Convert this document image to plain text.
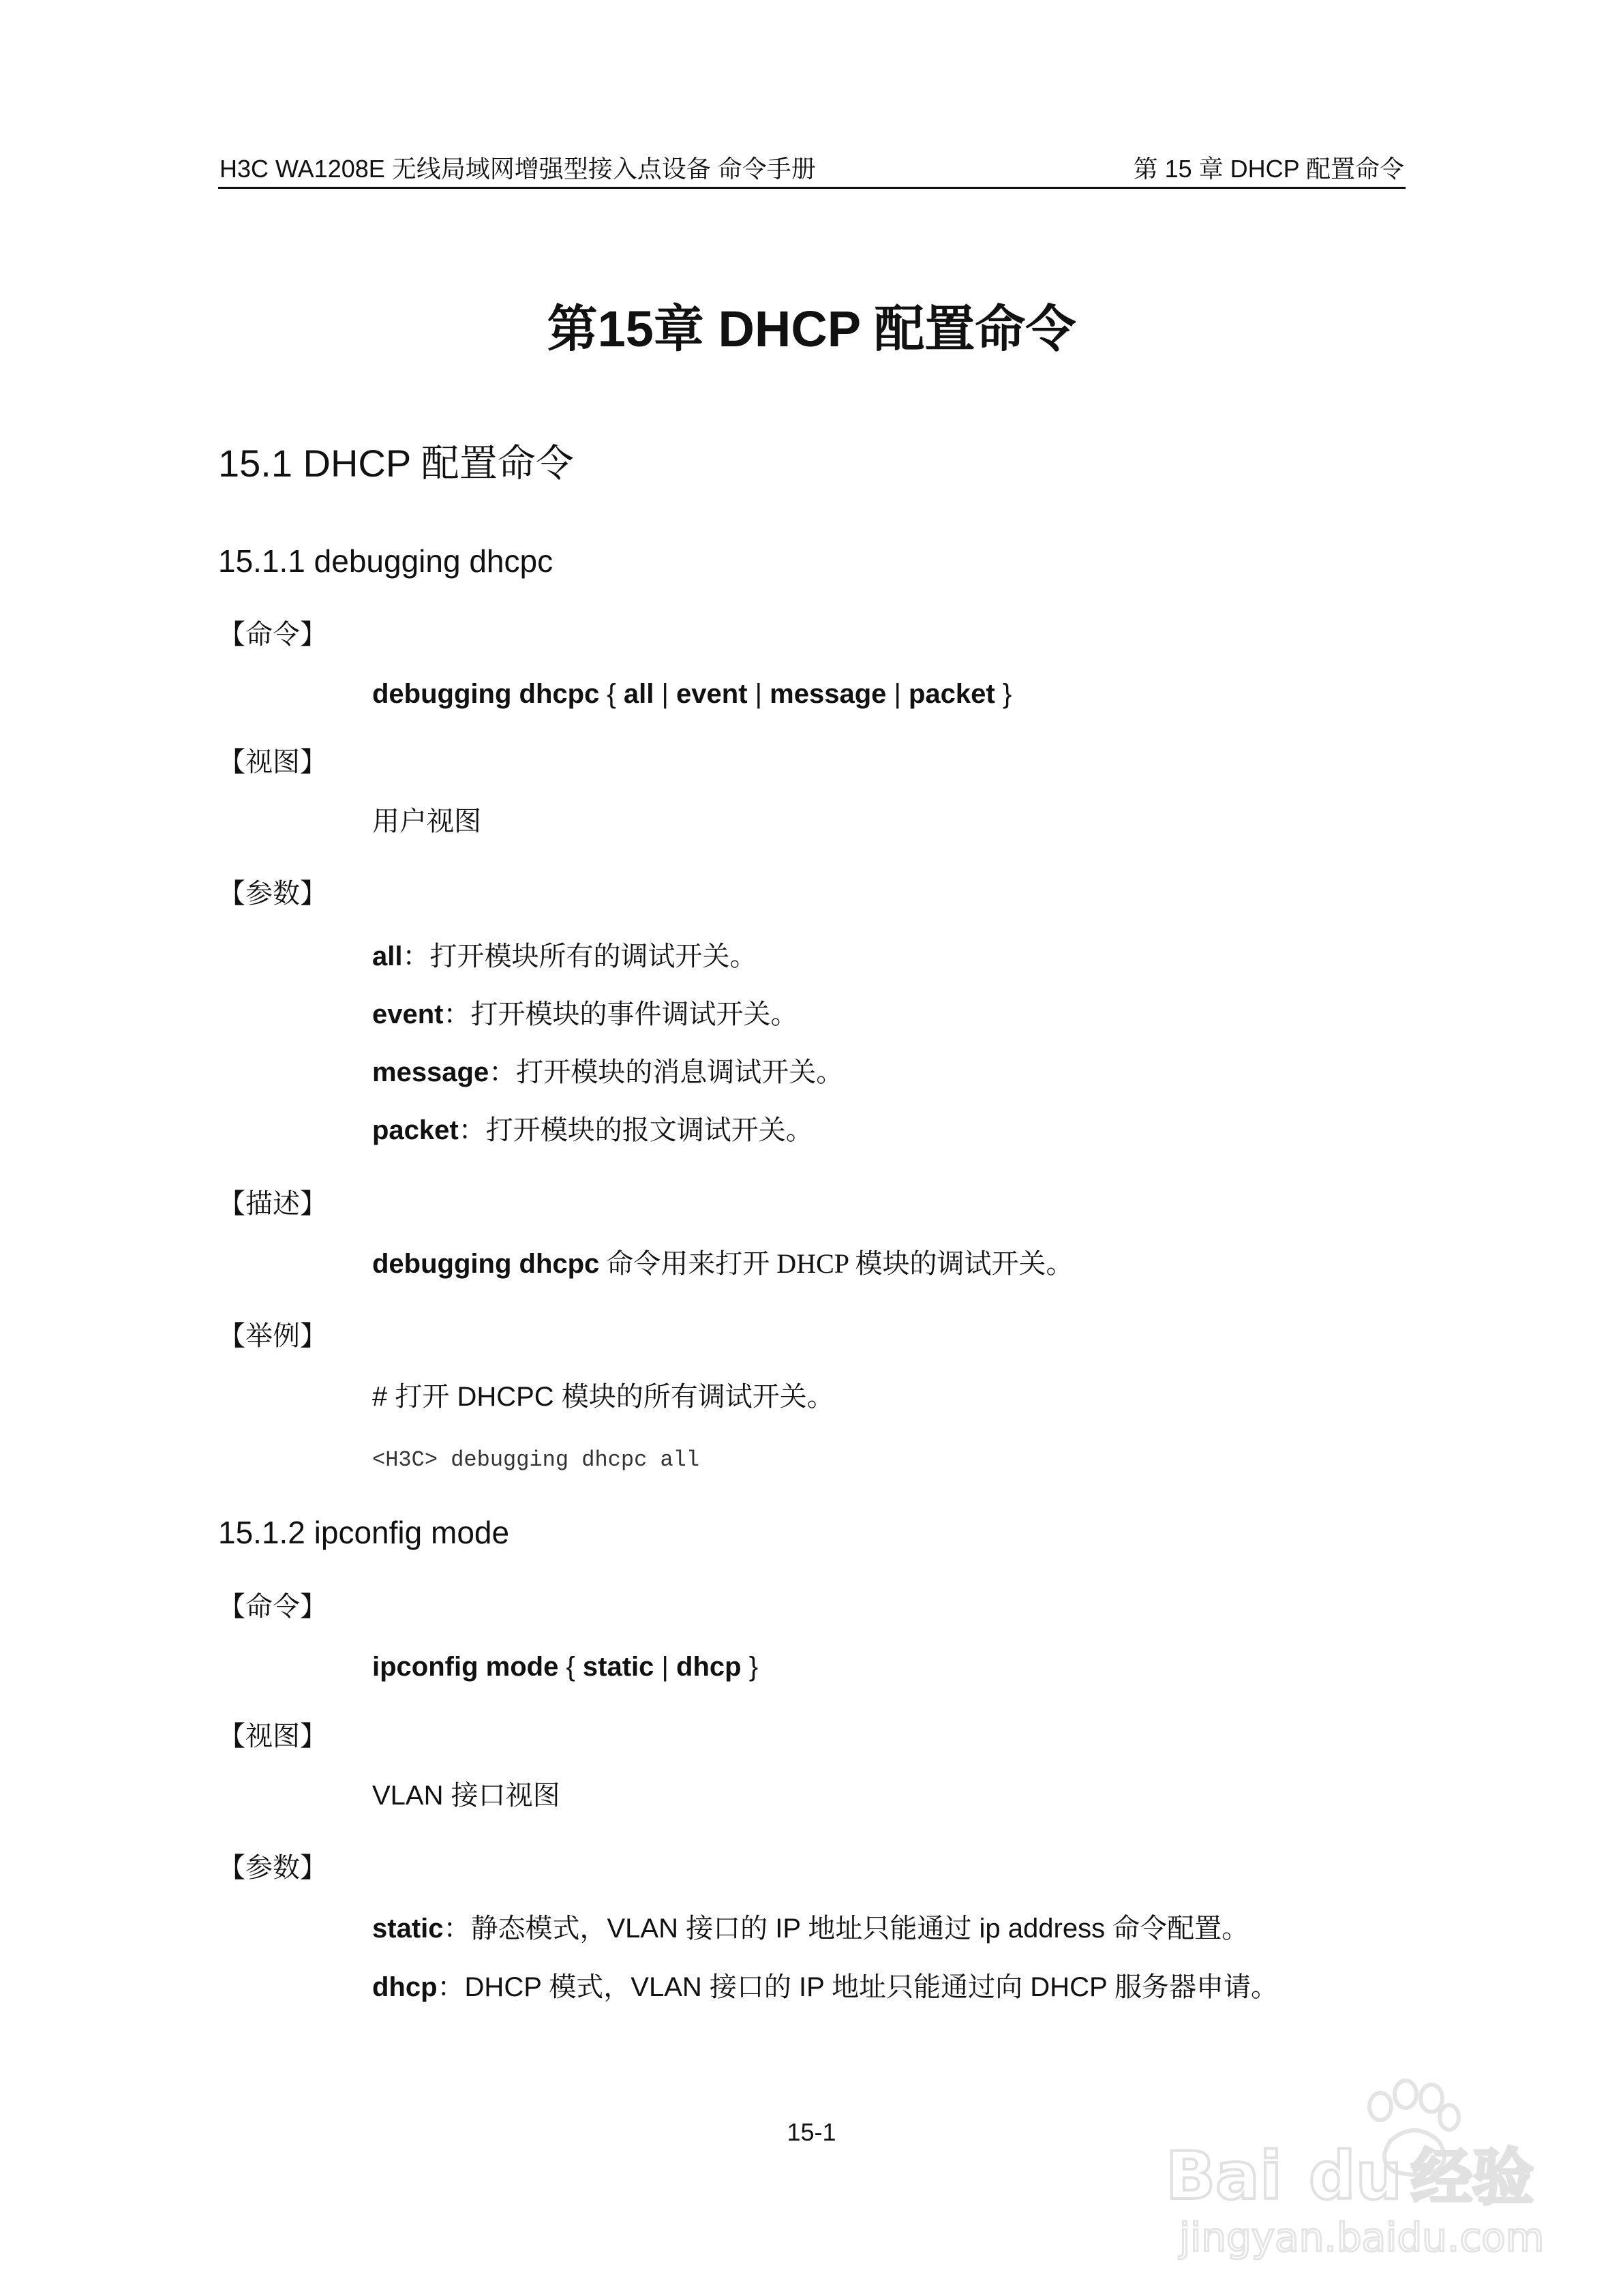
H3C WA1208E 无线局域网增强型接入点设备 命令手册	第 15 章 DHCP 配置命令
第15章 DHCP 配置命令
15.1 DHCP 配置命令
15.1.1 debugging dhcpc
【命令】
debugging dhcpc { all | event | message | packet }
【视图】
用户视图
【参数】
all：打开模块所有的调试开关。
event：打开模块的事件调试开关。
message：打开模块的消息调试开关。
packet：打开模块的报文调试开关。
【描述】
debugging dhcpc 命令用来打开 DHCP 模块的调试开关。
【举例】
# 打开 DHCPC 模块的所有调试开关。
<H3C> debugging dhcpc all
15.1.2 ipconfig mode
【命令】
ipconfig mode { static | dhcp }
【视图】
VLAN 接口视图
【参数】
static：静态模式，VLAN 接口的 IP 地址只能通过 ip address 命令配置。
dhcp：DHCP 模式，VLAN 接口的 IP 地址只能通过向 DHCP 服务器申请。
15-1
Bai du 经验
jingyan.baidu.com
